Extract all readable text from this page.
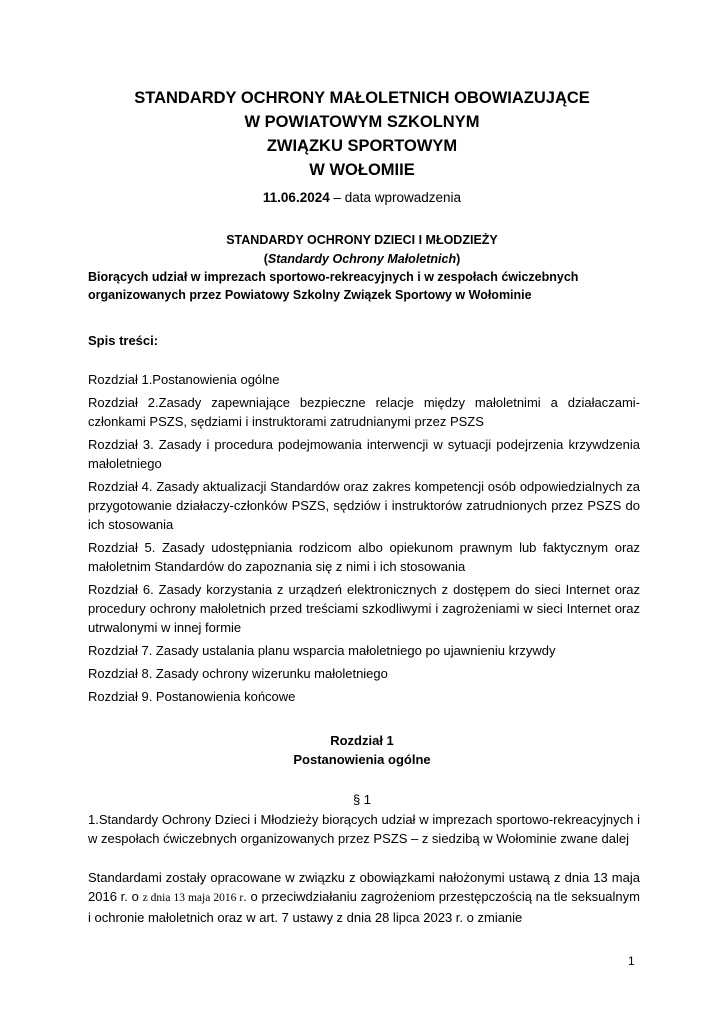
STANDARDY OCHRONY MAŁOLETNICH OBOWIAZUJĄCE
W POWIATOWYM SZKOLNYM
ZWIĄZKU SPORTOWYM
W WOŁOMIIE
11.06.2024 – data wprowadzenia
STANDARDY OCHRONY DZIECI I MŁODZIEŻY
(Standardy Ochrony Małoletnich)
Biorących udział w imprezach sportowo-rekreacyjnych i w zespołach ćwiczebnych
organizowanych przez Powiatowy Szkolny Związek Sportowy w Wołominie
Spis treści:
Rozdział 1.Postanowienia ogólne
Rozdział 2.Zasady zapewniające bezpieczne relacje między małoletnimi a działaczami-członkami PSZS, sędziami i instruktorami zatrudnianymi przez PSZS
Rozdział 3. Zasady i procedura podejmowania interwencji w sytuacji podejrzenia krzywdzenia małoletniego
Rozdział 4. Zasady aktualizacji Standardów oraz zakres kompetencji osób odpowiedzialnych za przygotowanie działaczy-członków PSZS, sędziów i instruktorów zatrudnionych przez PSZS do ich stosowania
Rozdział 5. Zasady udostępniania rodzicom albo opiekunom prawnym lub faktycznym oraz małoletnim Standardów do zapoznania się z nimi i ich stosowania
Rozdział 6. Zasady korzystania z urządzeń elektronicznych z dostępem do sieci Internet oraz procedury ochrony małoletnich przed treściami szkodliwymi i zagrożeniami w sieci Internet oraz utrwalonymi w innej formie
Rozdział 7. Zasady ustalania planu wsparcia małoletniego po ujawnieniu krzywdy
Rozdział 8. Zasady ochrony wizerunku małoletniego
Rozdział 9. Postanowienia końcowe
Rozdział 1
Postanowienia ogólne
§ 1
1.Standardy Ochrony Dzieci i Młodzieży biorących udział w imprezach sportowo-rekreacyjnych i w zespołach ćwiczebnych organizowanych przez PSZS – z siedzibą w Wołominie zwane dalej
Standardami zostały opracowane w związku z obowiązkami nałożonymi ustawą z dnia 13 maja 2016 r. o z dnia 13 maja 2016 r. o przeciwdziałaniu zagrożeniom przestępczością na tle seksualnym i ochronie małoletnich oraz w art. 7 ustawy z dnia 28 lipca 2023 r. o zmianie
1
